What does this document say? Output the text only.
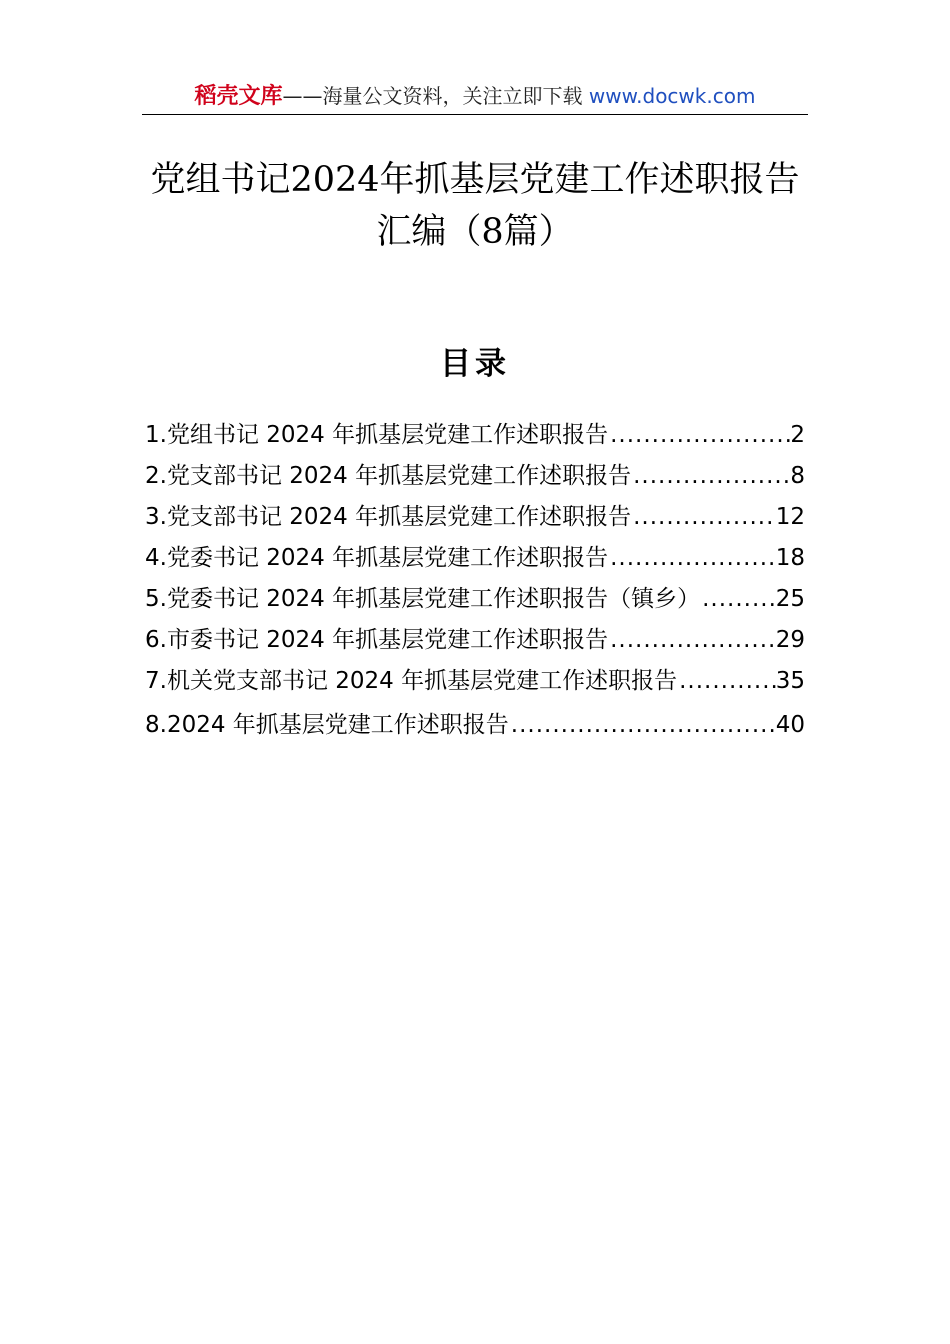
稻壳文库——海量公文资料，关注立即下载 www.docwk.com
党组书记2024年抓基层党建工作述职报告
汇编（8篇）
目录
1.党组书记 2024 年抓基层党建工作述职报告 .....	2
2.党支部书记 2024 年抓基层党建工作述职报告 .....	8
3.党支部书记 2024 年抓基层党建工作述职报告 .....	12
4.党委书记 2024 年抓基层党建工作述职报告 .....	18
5.党委书记 2024 年抓基层党建工作述职报告（镇乡） .....	25
6.市委书记 2024 年抓基层党建工作述职报告 .....	29
7.机关党支部书记 2024 年抓基层党建工作述职报告 .....	35
8.2024 年抓基层党建工作述职报告 .....	40
